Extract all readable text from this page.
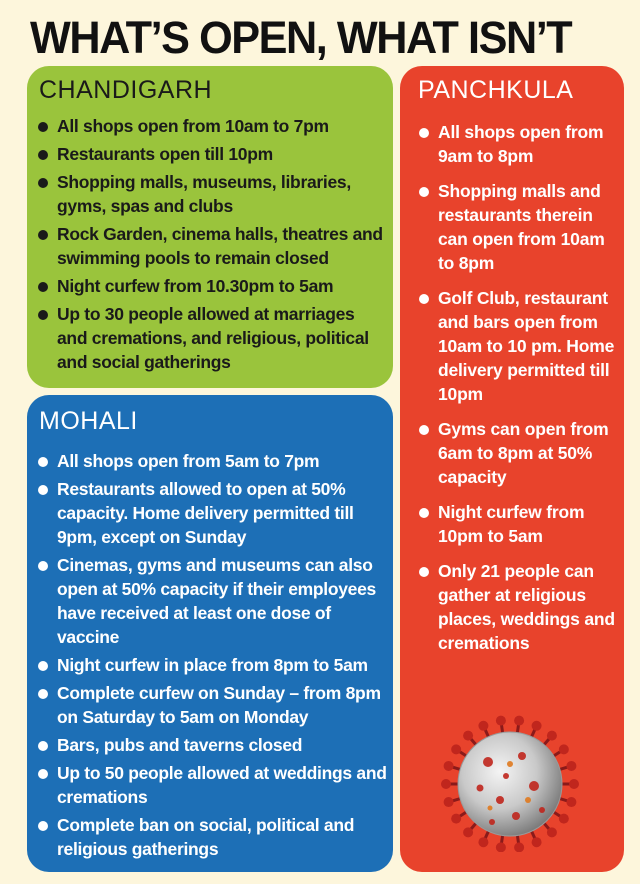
WHAT’S OPEN, WHAT ISN’T
CHANDIGARH
All shops open from 10am to 7pm
Restaurants open till 10pm
Shopping malls, museums, libraries, gyms, spas and clubs
Rock Garden, cinema halls, theatres and swimming pools to remain closed
Night curfew from 10.30pm to 5am
Up to 30 people allowed at marriages and cremations, and religious, political and social gatherings
PANCHKULA
All shops open from 9am to 8pm
Shopping malls and restaurants therein can open from 10am to 8pm
Golf Club, restaurant and bars open from 10am to 10 pm. Home delivery permitted till 10pm
Gyms can open from 6am to 8pm at 50% capacity
Night curfew from 10pm to 5am
Only 21 people can gather at religious places, weddings and cremations
MOHALI
All shops open from 5am to 7pm
Restaurants allowed to open at 50% capacity. Home delivery permitted till 9pm, except on Sunday
Cinemas, gyms and museums can also open at 50% capacity if their employees have received at least one dose of vaccine
Night curfew in place from 8pm to 5am
Complete curfew on Sunday – from 8pm on Saturday to 5am on Monday
Bars, pubs and taverns closed
Up to 50 people allowed at weddings and cremations
Complete ban on social, political and religious gatherings
